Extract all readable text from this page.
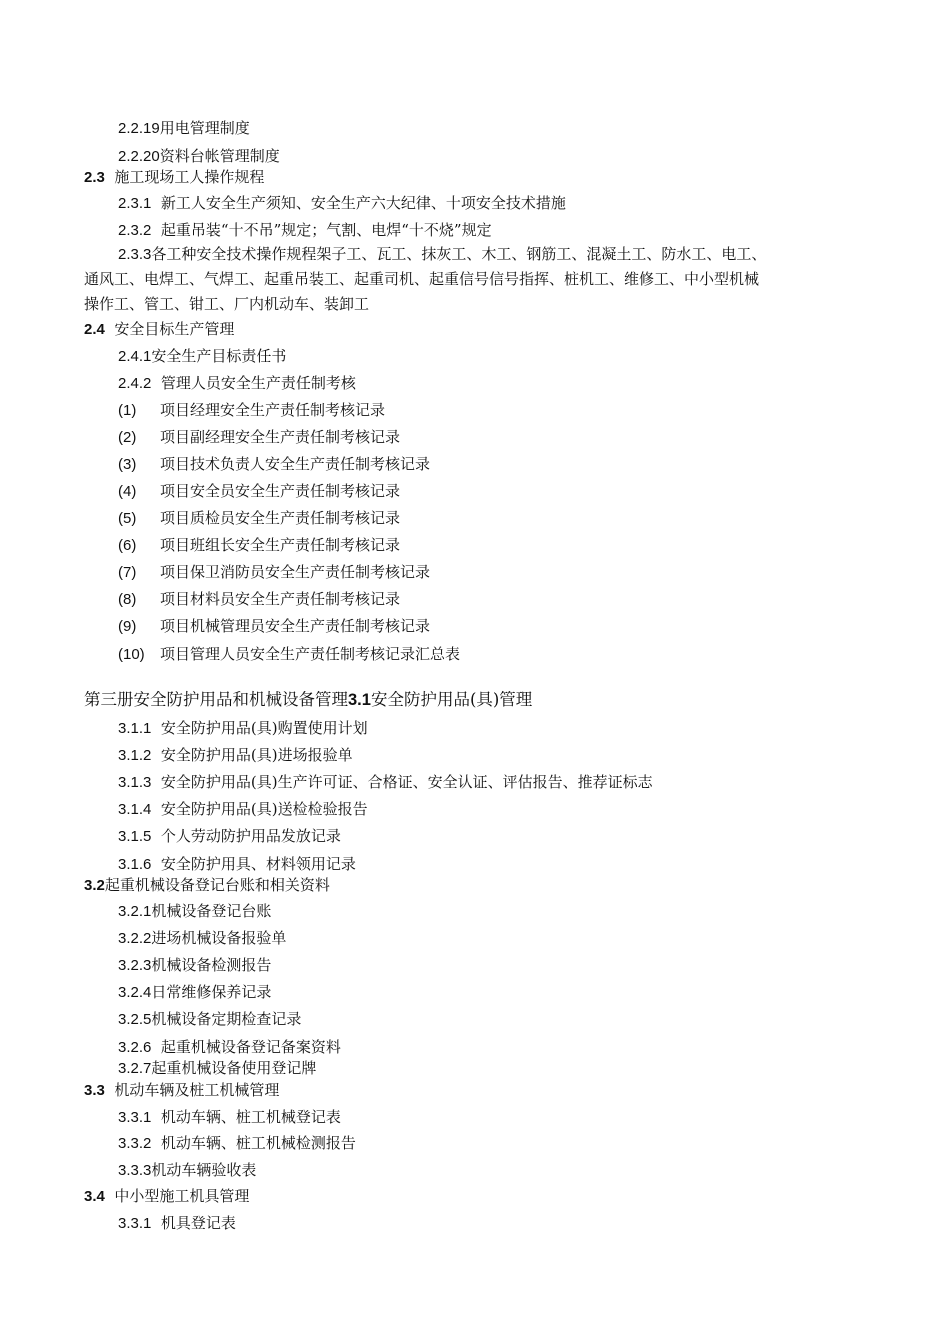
2.2.19用电管理制度
2.2.20资料台帐管理制度
2.3 施工现场工人操作规程
2.3.1 新工人安全生产须知、安全生产六大纪律、十项安全技术措施
2.3.2 起重吊装“十不吊”规定；气割、电焊“十不烧”规定
2.3.3各工种安全技术操作规程架子工、瓦工、抹灰工、木工、钢筋工、混凝土工、防水工、电工、
通风工、电焊工、气焊工、起重吊装工、起重司机、起重信号信号指挥、桩机工、维修工、中小型机械
操作工、管工、钳工、厂内机动车、装卸工
2.4 安全目标生产管理
2.4.1安全生产目标责任书
2.4.2 管理人员安全生产责任制考核
(1) 项目经理安全生产责任制考核记录
(2) 项目副经理安全生产责任制考核记录
(3) 项目技术负责人安全生产责任制考核记录
(4) 项目安全员安全生产责任制考核记录
(5) 项目质检员安全生产责任制考核记录
(6) 项目班组长安全生产责任制考核记录
(7) 项目保卫消防员安全生产责任制考核记录
(8) 项目材料员安全生产责任制考核记录
(9) 项目机械管理员安全生产责任制考核记录
(10) 项目管理人员安全生产责任制考核记录汇总表
第三册安全防护用品和机械设备管理3.1安全防护用品(具)管理
3.1.1 安全防护用品(具)购置使用计划
3.1.2 安全防护用品(具)进场报验单
3.1.3 安全防护用品(具)生产许可证、合格证、安全认证、评估报告、推荐证标志
3.1.4 安全防护用品(具)送检检验报告
3.1.5 个人劳动防护用品发放记录
3.1.6 安全防护用具、材料领用记录
3.2起重机械设备登记台账和相关资料
3.2.1机械设备登记台账
3.2.2进场机械设备报验单
3.2.3机械设备检测报告
3.2.4日常维修保养记录
3.2.5机械设备定期检查记录
3.2.6 起重机械设备登记备案资料
3.2.7起重机械设备使用登记牌
3.3 机动车辆及桩工机械管理
3.3.1 机动车辆、桩工机械登记表
3.3.2 机动车辆、桩工机械检测报告
3.3.3机动车辆验收表
3.4 中小型施工机具管理
3.3.1 机具登记表
